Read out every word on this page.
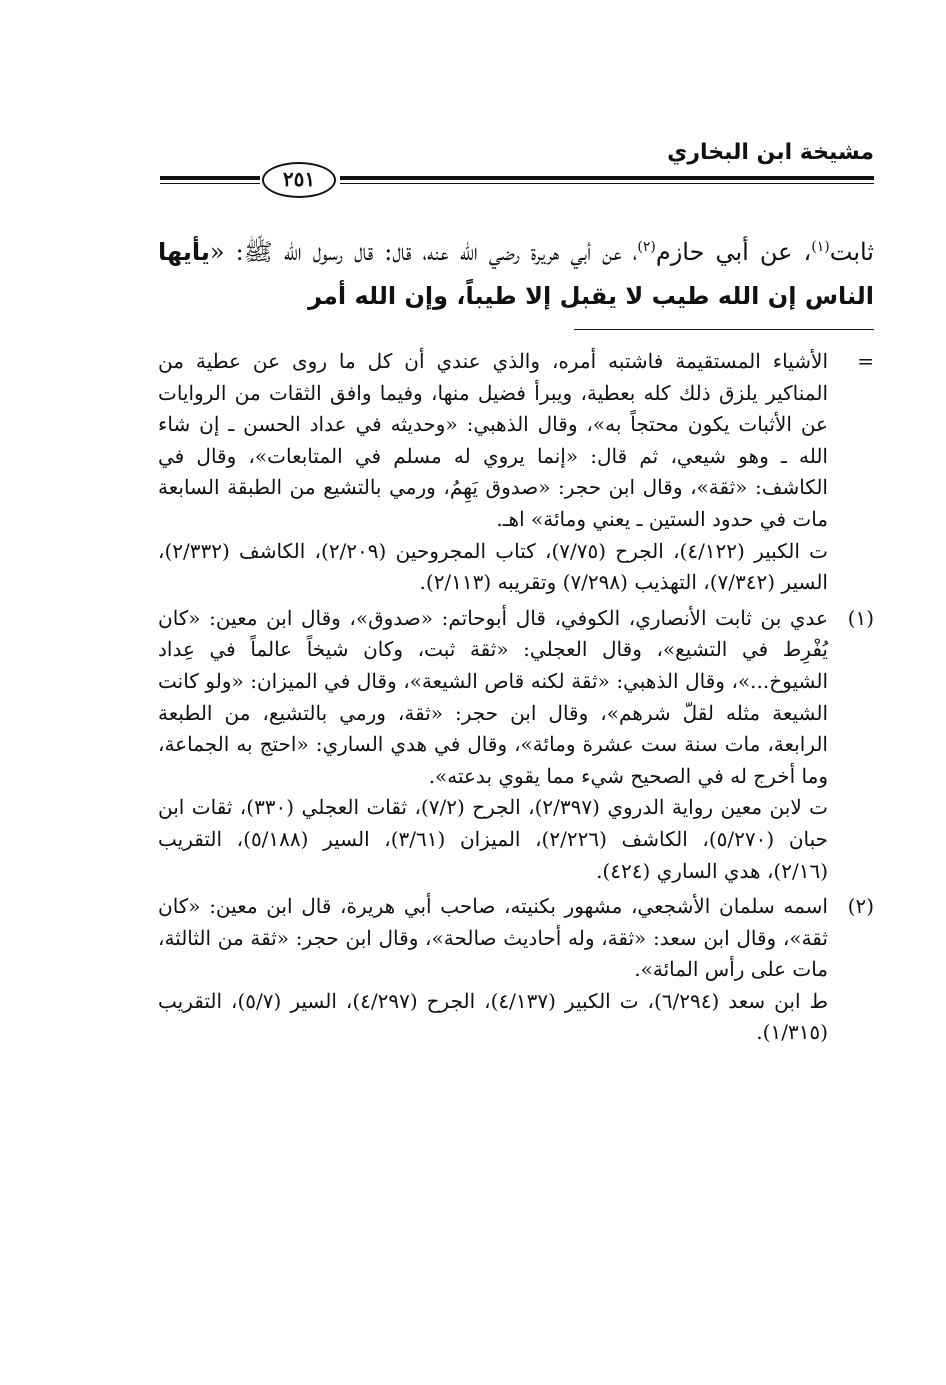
مشيخة ابن البخاري
٢٥١

ثابت$^{(١)}$، عن أبي حازم$^{(٢)}$، عن أبي هريرة رضي الله عنه، قال: قال رسول الله ﷺ: «يأيها الناس إن الله طيب لا يقبل إلا طيباً، وإن الله أمر

=

الأشياء المستقيمة فاشتبه أمره، والذي عندي أن كل ما روى عن عطية من المناكير يلزق ذلك كله بعطية، ويبرأ فضيل منها، وفيما وافق الثقات من الروايات عن الأثبات يكون محتجاً به»، وقال الذهبي: «وحديثه في عداد الحسن ـ إن شاء الله ـ وهو شيعي، ثم قال: «إنما يروي له مسلم في المتابعات»، وقال في الكاشف: «ثقة»، وقال ابن حجر: «صدوق يَهِمُ، ورمي بالتشيع من الطبقة السابعة مات في حدود الستين ـ يعني ومائة» اهـ.

ت الكبير (٤/١٢٢)، الجرح (٧/٧٥)، كتاب المجروحين (٢/٢٠٩)، الكاشف (٢/٣٣٢)، السير (٧/٣٤٢)، التهذيب (٧/٢٩٨) وتقريبه (٢/١١٣).

(١)

عدي بن ثابت الأنصاري، الكوفي، قال أبوحاتم: «صدوق»، وقال ابن معين: «كان يُفْرِط في التشيع»، وقال العجلي: «ثقة ثبت، وكان شيخاً عالماً في عِداد الشيوخ...»، وقال الذهبي: «ثقة لكنه قاص الشيعة»، وقال في الميزان: «ولو كانت الشيعة مثله لقلّ شرهم»، وقال ابن حجر: «ثقة، ورمي بالتشيع، من الطبعة الرابعة، مات سنة ست عشرة ومائة»، وقال في هدي الساري: «احتج به الجماعة، وما أخرج له في الصحيح شيء مما يقوي بدعته».

ت لابن معين رواية الدروي (٢/٣٩٧)، الجرح (٧/٢)، ثقات العجلي (٣٣٠)، ثقات ابن حبان (٥/٢٧٠)، الكاشف (٢/٢٢٦)، الميزان (٣/٦١)، السير (٥/١٨٨)، التقريب (٢/١٦)، هدي الساري (٤٢٤).

(٢)

اسمه سلمان الأشجعي، مشهور بكنيته، صاحب أبي هريرة، قال ابن معين: «كان ثقة»، وقال ابن سعد: «ثقة، وله أحاديث صالحة»، وقال ابن حجر: «ثقة من الثالثة، مات على رأس المائة».

ط ابن سعد (٦/٢٩٤)، ت الكبير (٤/١٣٧)، الجرح (٤/٢٩٧)، السير (٥/٧)، التقريب (١/٣١٥).
